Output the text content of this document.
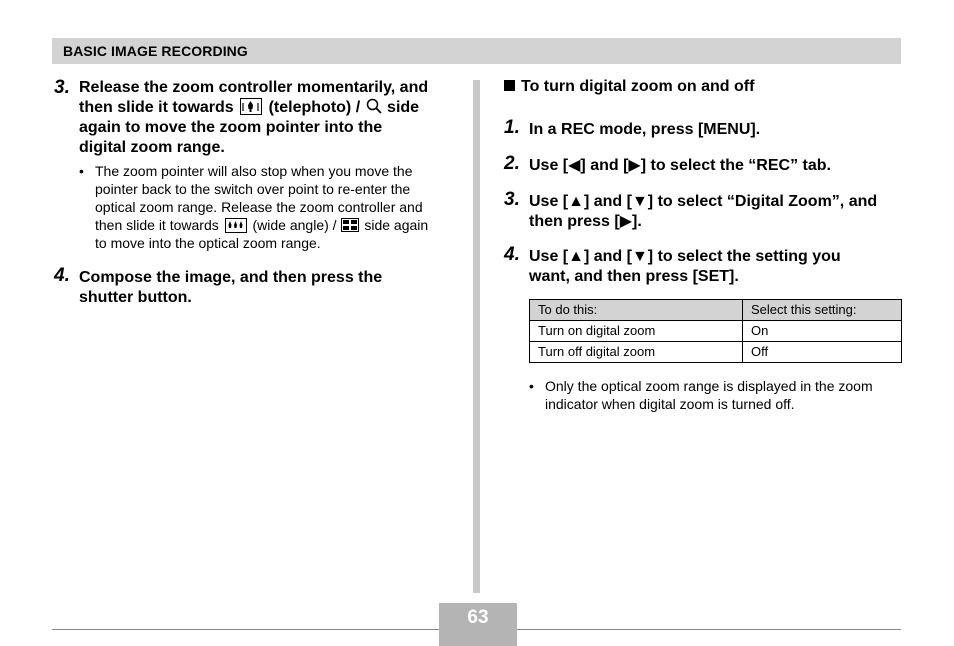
BASIC IMAGE RECORDING
3. Release the zoom controller momentarily, and
then slide it towards (telephoto) / side
again to move the zoom pointer into the
digital zoom range.
• The zoom pointer will also stop when you move the
pointer back to the switch over point to re-enter the
optical zoom range. Release the zoom controller and
then slide it towards (wide angle) / side again
to move into the optical zoom range.
4. Compose the image, and then press the
shutter button.
To turn digital zoom on and off
1. In a REC mode, press [MENU].
2. Use [◀] and [▶] to select the “REC” tab.
3. Use [▲] and [▼] to select “Digital Zoom”, and
then press [▶].
4. Use [▲] and [▼] to select the setting you
want, and then press [SET].
To do this:	Select this setting:
Turn on digital zoom	On
Turn off digital zoom	Off
• Only the optical zoom range is displayed in the zoom
indicator when digital zoom is turned off.
63
